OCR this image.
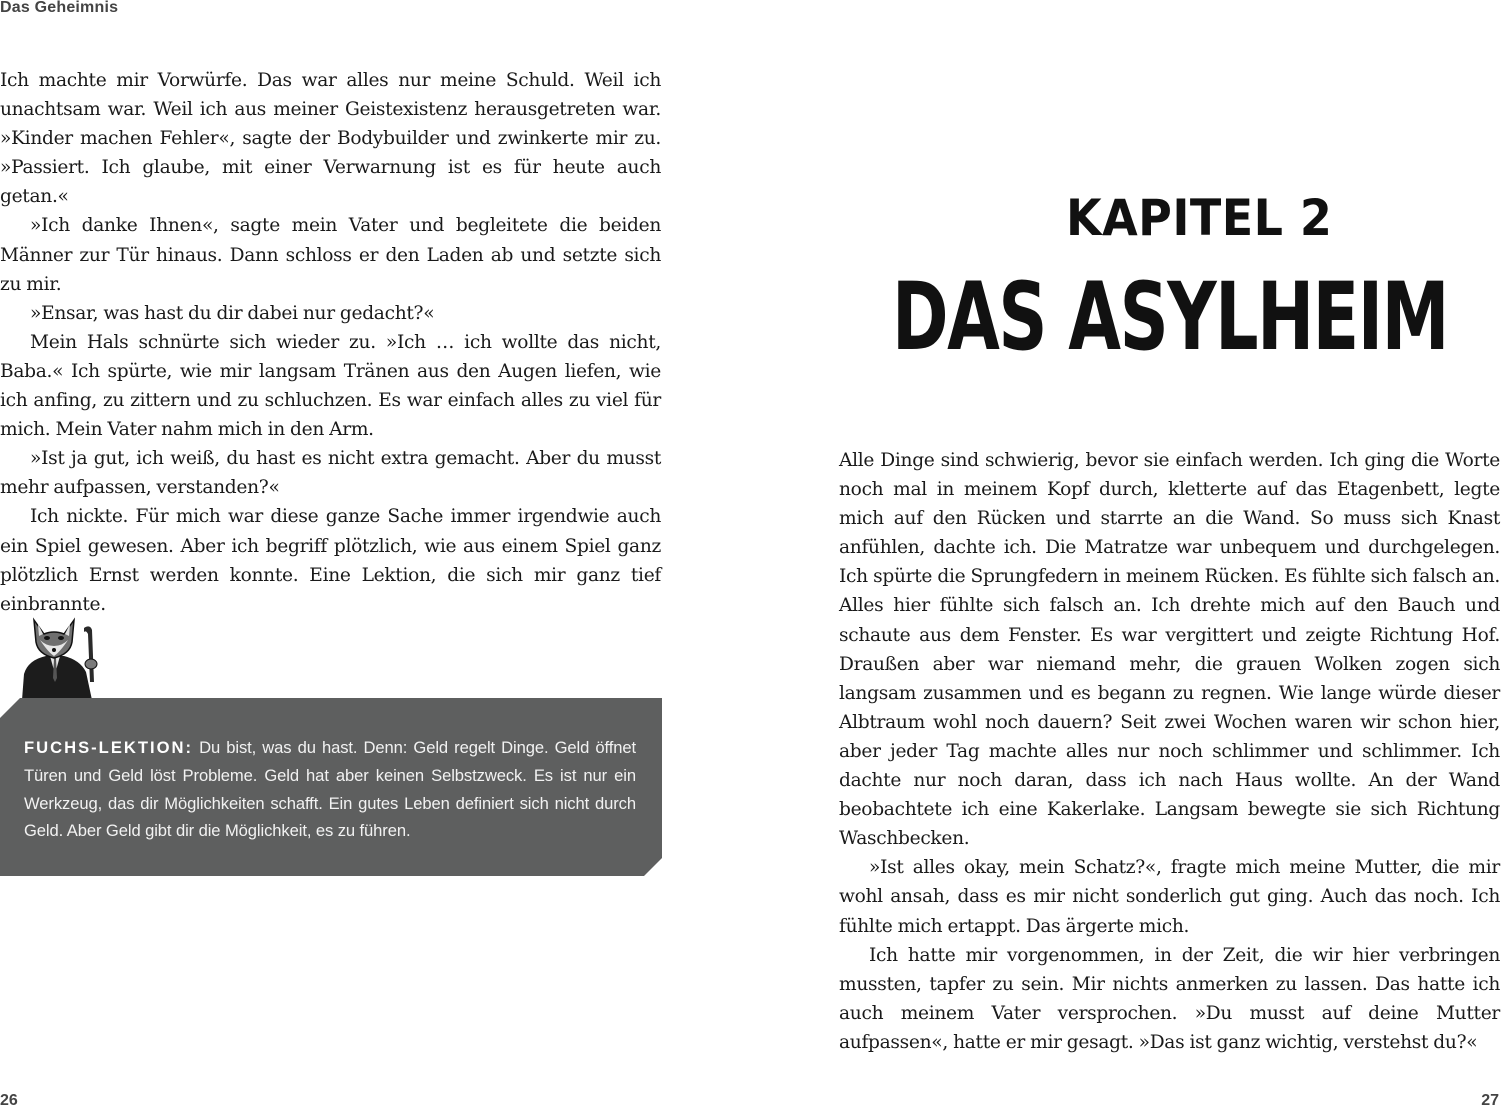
Das Geheimnis

Ich machte mir Vorwürfe. Das war alles nur meine Schuld. Weil ich unachtsam war. Weil ich aus meiner Geistexistenz herausgetreten war. »Kinder machen Fehler«, sagte der Bodybuilder und zwinkerte mir zu. »Passiert. Ich glaube, mit einer Verwarnung ist es für heute auch getan.«

»Ich danke Ihnen«, sagte mein Vater und begleitete die beiden Männer zur Tür hinaus. Dann schloss er den Laden ab und setzte sich zu mir.

»Ensar, was hast du dir dabei nur gedacht?«

Mein Hals schnürte sich wieder zu. »Ich … ich wollte das nicht, Baba.« Ich spürte, wie mir langsam Tränen aus den Augen liefen, wie ich anfing, zu zittern und zu schluchzen. Es war einfach alles zu viel für mich. Mein Vater nahm mich in den Arm.

»Ist ja gut, ich weiß, du hast es nicht extra gemacht. Aber du musst mehr aufpassen, verstanden?«

Ich nickte. Für mich war diese ganze Sache immer irgendwie auch ein Spiel gewesen. Aber ich begriff plötzlich, wie aus einem Spiel ganz plötzlich Ernst werden konnte. Eine Lektion, die sich mir ganz tief einbrannte.

FUCHS-LEKTION: Du bist, was du hast. Denn: Geld regelt Dinge. Geld öffnet Türen und Geld löst Probleme. Geld hat aber keinen Selbstzweck. Es ist nur ein Werkzeug, das dir Möglichkeiten schafft. Ein gutes Leben definiert sich nicht durch Geld. Aber Geld gibt dir die Möglichkeit, es zu führen.
KAPITEL 2
DAS ASYLHEIM

Alle Dinge sind schwierig, bevor sie einfach werden. Ich ging die Worte noch mal in meinem Kopf durch, kletterte auf das Etagenbett, legte mich auf den Rücken und starrte an die Wand. So muss sich Knast anfühlen, dachte ich. Die Matratze war unbequem und durchgelegen. Ich spürte die Sprungfedern in meinem Rücken. Es fühlte sich falsch an. Alles hier fühlte sich falsch an. Ich drehte mich auf den Bauch und schaute aus dem Fenster. Es war vergittert und zeigte Richtung Hof. Draußen aber war niemand mehr, die grauen Wolken zogen sich langsam zusammen und es begann zu regnen. Wie lange würde dieser Albtraum wohl noch dauern? Seit zwei Wochen waren wir schon hier, aber jeder Tag machte alles nur noch schlimmer und schlimmer. Ich dachte nur noch daran, dass ich nach Haus wollte. An der Wand beobachtete ich eine Kakerlake. Langsam bewegte sie sich Richtung Waschbecken.

»Ist alles okay, mein Schatz?«, fragte mich meine Mutter, die mir wohl ansah, dass es mir nicht sonderlich gut ging. Auch das noch. Ich fühlte mich ertappt. Das ärgerte mich.

Ich hatte mir vorgenommen, in der Zeit, die wir hier verbringen mussten, tapfer zu sein. Mir nichts anmerken zu lassen. Das hatte ich auch meinem Vater versprochen. »Du musst auf deine Mutter aufpassen«, hatte er mir gesagt. »Das ist ganz wichtig, verstehst du?«

26	27
